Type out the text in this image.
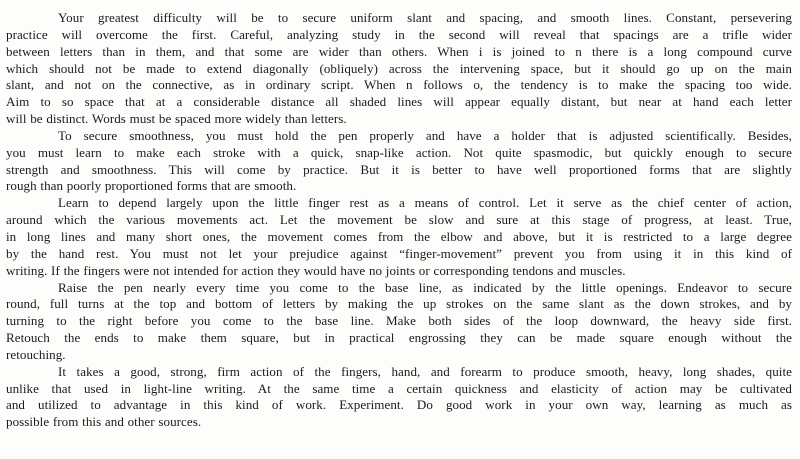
Your greatest difficulty will be to secure uniform slant and spacing, and smooth lines. Constant, persevering
practice will overcome the first. Careful, analyzing study in the second will reveal that spacings are a trifle wider
between letters than in them, and that some are wider than others. When i is joined to n there is a long compound curve
which should not be made to extend diagonally (obliquely) across the intervening space, but it should go up on the main
slant, and not on the connective, as in ordinary script. When n follows o, the tendency is to make the spacing too wide.
Aim to so space that at a considerable distance all shaded lines will appear equally distant, but near at hand each letter
will be distinct. Words must be spaced more widely than letters.
To secure smoothness, you must hold the pen properly and have a holder that is adjusted scientifically. Besides,
you must learn to make each stroke with a quick, snap-like action. Not quite spasmodic, but quickly enough to secure
strength and smoothness. This will come by practice. But it is better to have well proportioned forms that are slightly
rough than poorly proportioned forms that are smooth.
Learn to depend largely upon the little finger rest as a means of control. Let it serve as the chief center of action,
around which the various movements act. Let the movement be slow and sure at this stage of progress, at least. True,
in long lines and many short ones, the movement comes from the elbow and above, but it is restricted to a large degree
by the hand rest. You must not let your prejudice against “finger-movement” prevent you from using it in this kind of
writing. If the fingers were not intended for action they would have no joints or corresponding tendons and muscles.
Raise the pen nearly every time you come to the base line, as indicated by the little openings. Endeavor to secure
round, full turns at the top and bottom of letters by making the up strokes on the same slant as the down strokes, and by
turning to the right before you come to the base line. Make both sides of the loop downward, the heavy side first.
Retouch the ends to make them square, but in practical engrossing they can be made square enough without the
retouching.
It takes a good, strong, firm action of the fingers, hand, and forearm to produce smooth, heavy, long shades, quite
unlike that used in light-line writing. At the same time a certain quickness and elasticity of action may be cultivated
and utilized to advantage in this kind of work. Experiment. Do good work in your own way, learning as much as
possible from this and other sources.
